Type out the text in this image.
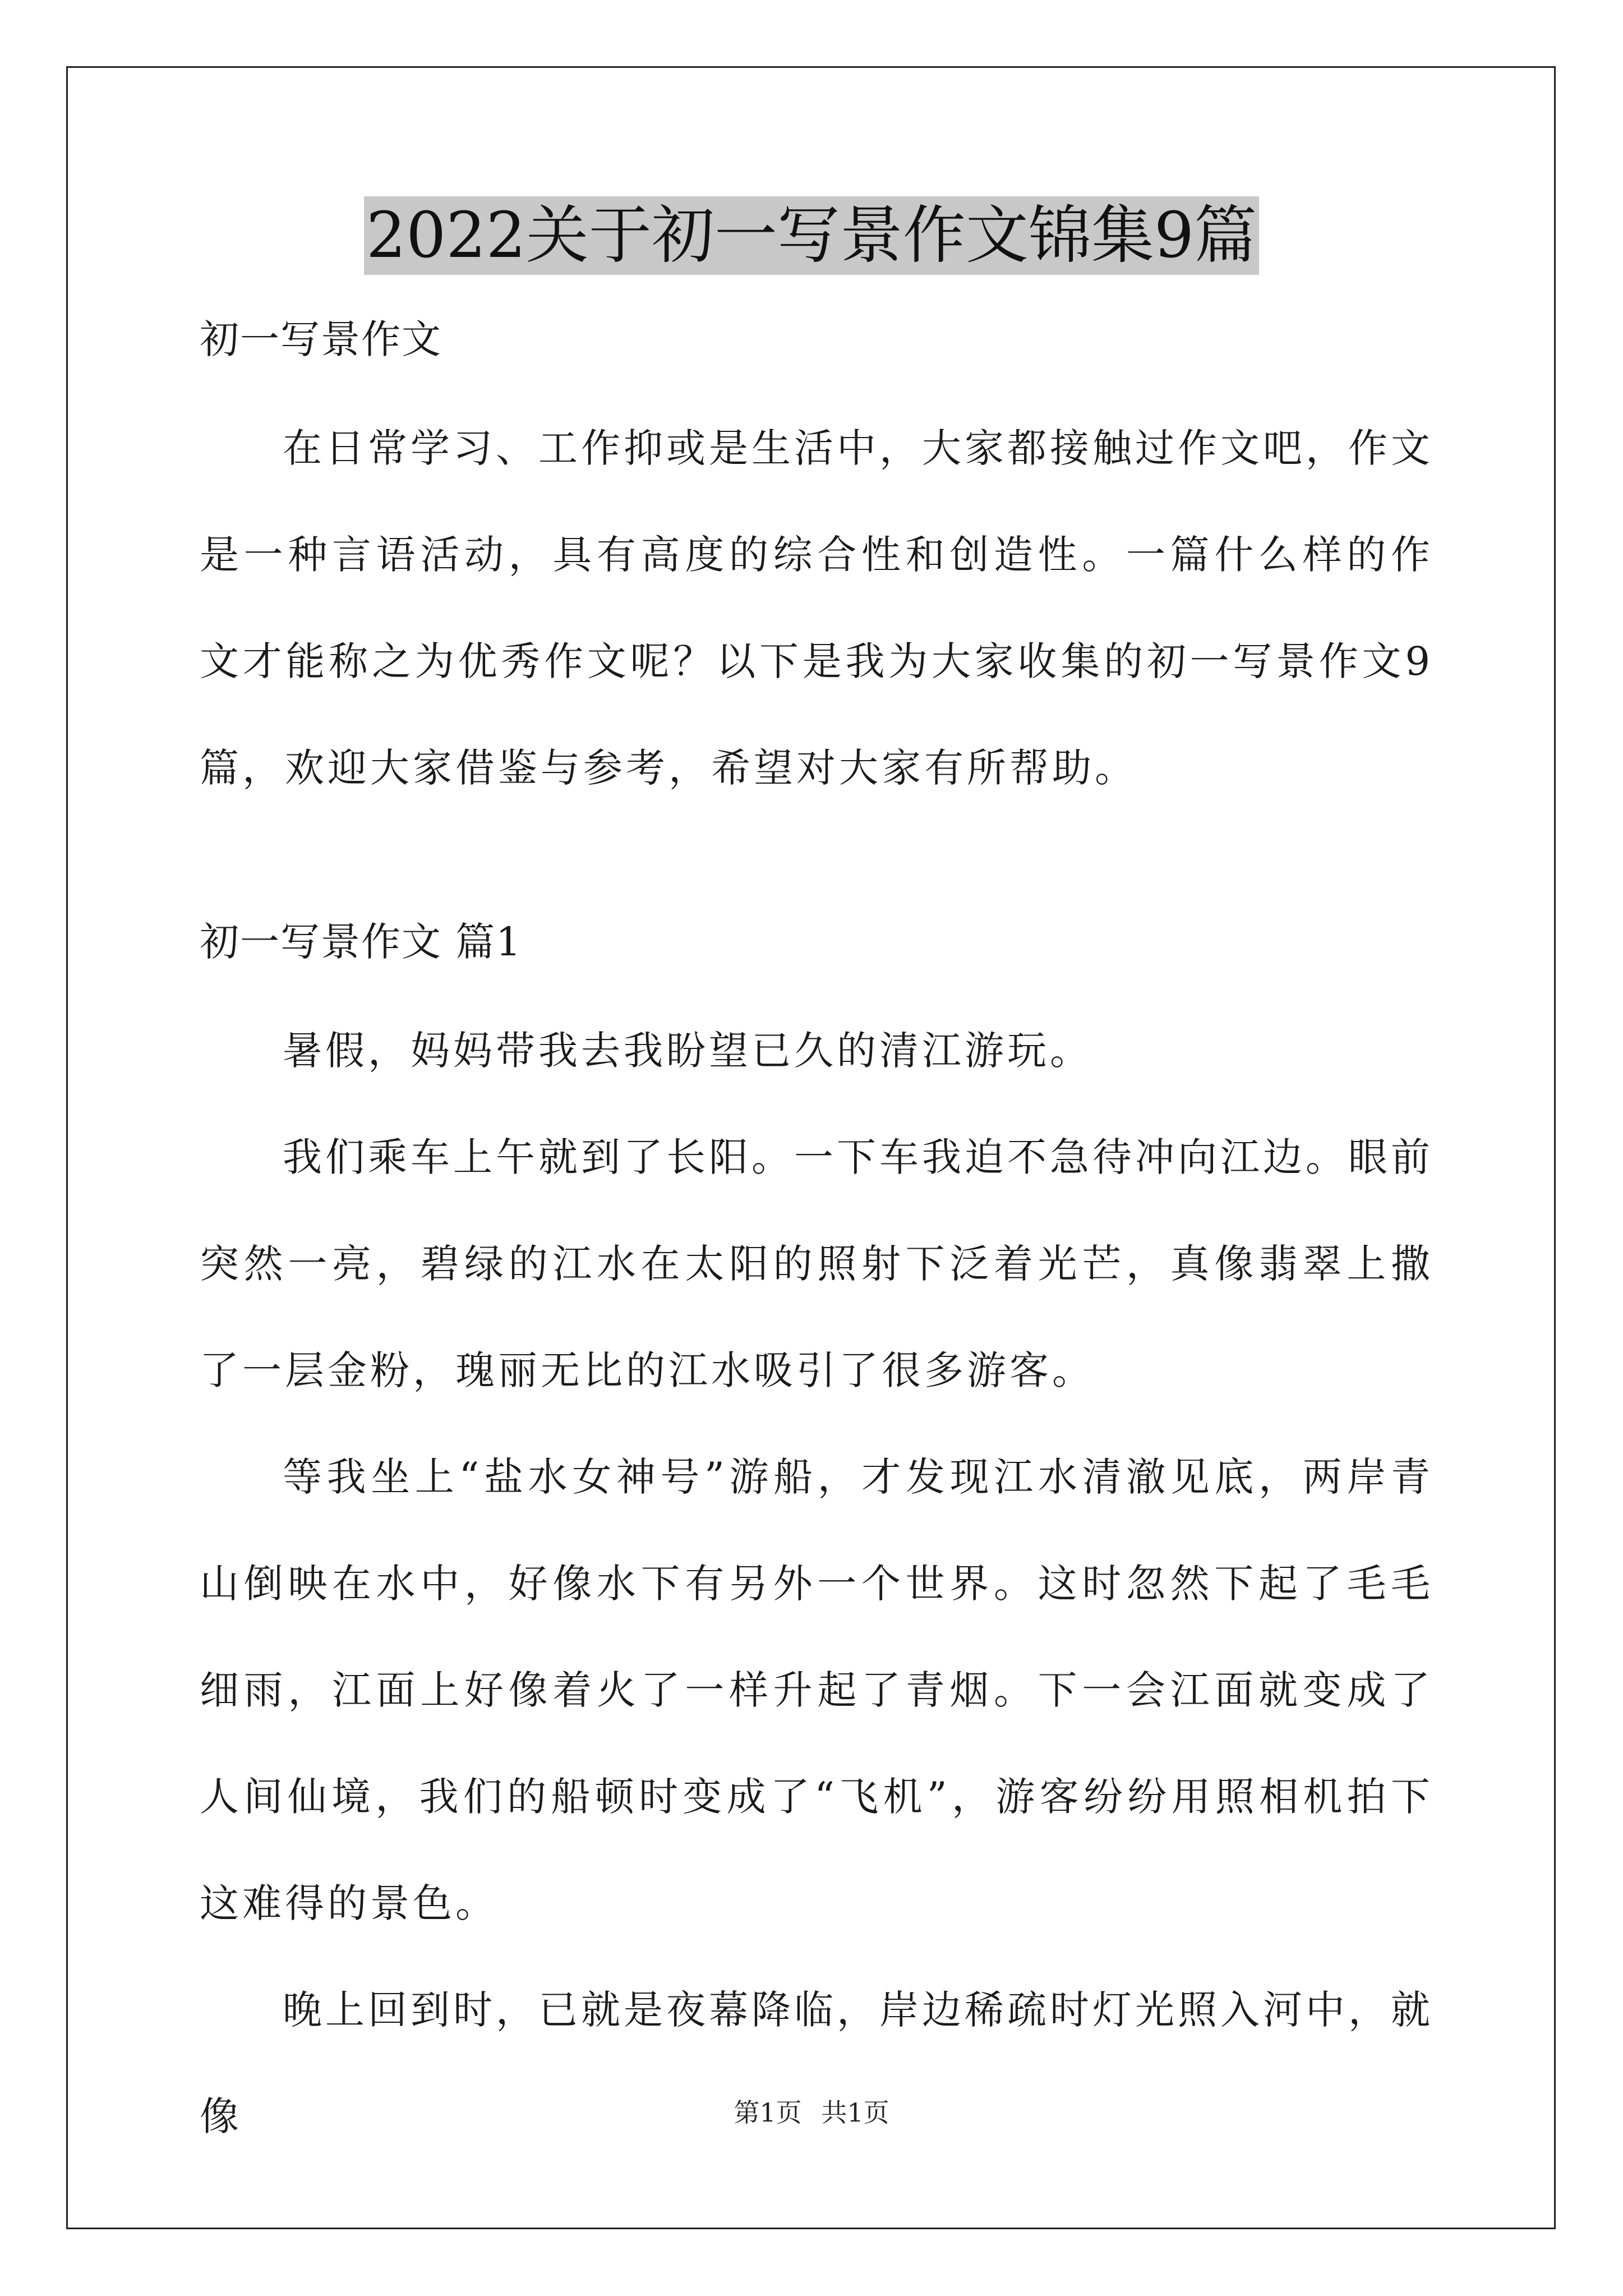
2022关于初一写景作文锦集9篇

初一写景作文

在日常学习、工作抑或是生活中，大家都接触过作文吧，作文是一种言语活动，具有高度的综合性和创造性。一篇什么样的作文才能称之为优秀作文呢？以下是我为大家收集的初一写景作文9篇，欢迎大家借鉴与参考，希望对大家有所帮助。

初一写景作文 篇1

暑假，妈妈带我去我盼望已久的清江游玩。

我们乘车上午就到了长阳。一下车我迫不急待冲向江边。眼前突然一亮，碧绿的江水在太阳的照射下泛着光芒，真像翡翠上撒了一层金粉，瑰丽无比的江水吸引了很多游客。

等我坐上“盐水女神号”游船，才发现江水清澈见底，两岸青山倒映在水中，好像水下有另外一个世界。这时忽然下起了毛毛细雨，江面上好像着火了一样升起了青烟。下一会江面就变成了人间仙境，我们的船顿时变成了“飞机”，游客纷纷用照相机拍下这难得的景色。

晚上回到时，已就是夜幕降临，岸边稀疏时灯光照入河中，就像	第1页 共1页
